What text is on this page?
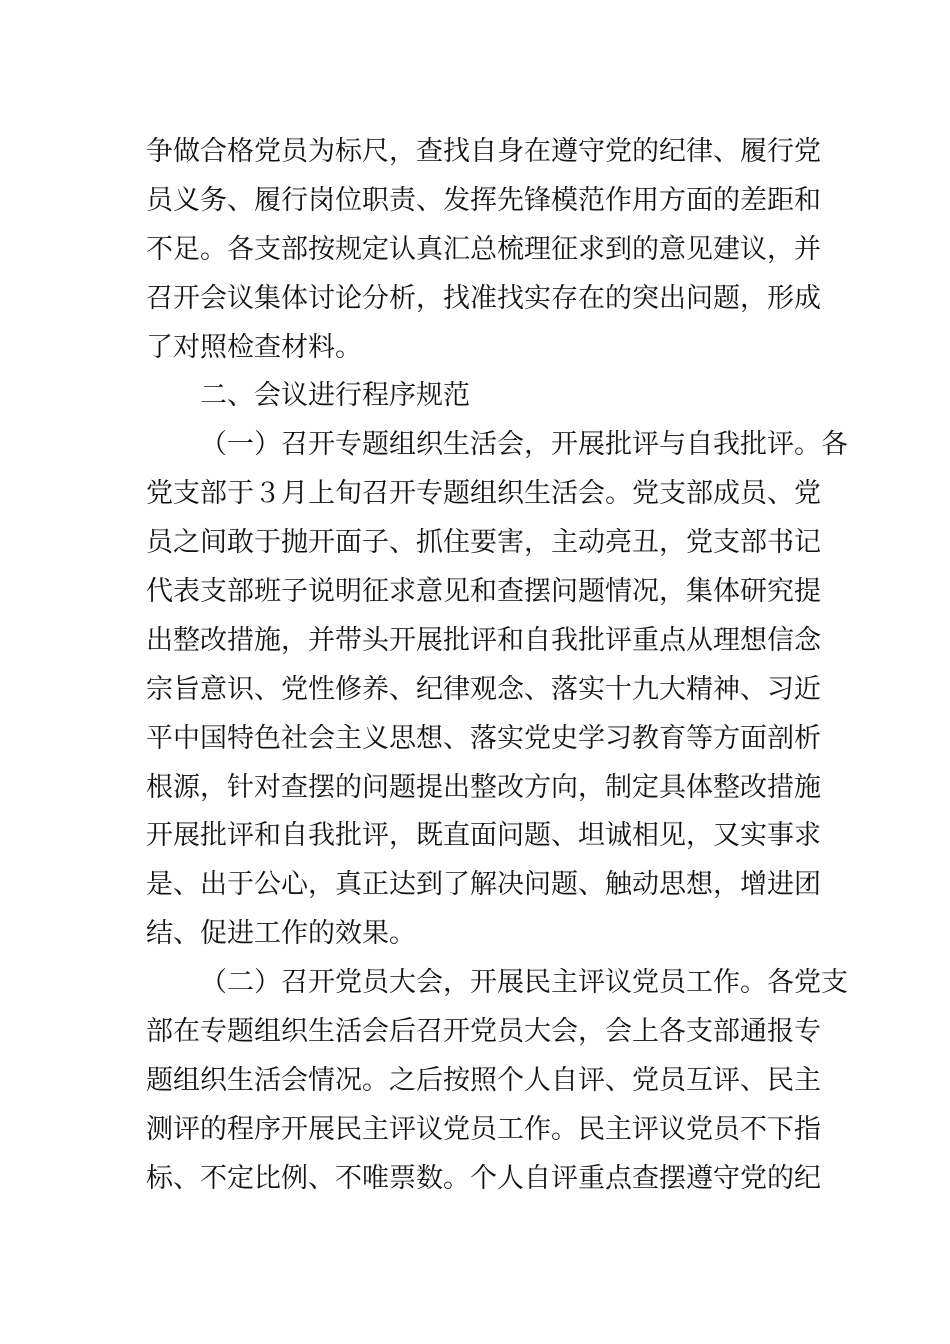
争做合格党员为标尺，查找自身在遵守党的纪律、履行党
员义务、履行岗位职责、发挥先锋模范作用方面的差距和
不足。各支部按规定认真汇总梳理征求到的意见建议，并
召开会议集体讨论分析，找准找实存在的突出问题，形成
了对照检查材料。
二、会议进行程序规范
（一）召开专题组织生活会，开展批评与自我批评。各
党支部于３月上旬召开专题组织生活会。党支部成员、党
员之间敢于抛开面子、抓住要害，主动亮丑，党支部书记
代表支部班子说明征求意见和查摆问题情况，集体研究提
出整改措施，并带头开展批评和自我批评重点从理想信念
宗旨意识、党性修养、纪律观念、落实十九大精神、习近
平中国特色社会主义思想、落实党史学习教育等方面剖析
根源，针对查摆的问题提出整改方向，制定具体整改措施
开展批评和自我批评，既直面问题、坦诚相见，又实事求
是、出于公心，真正达到了解决问题、触动思想，增进团
结、促进工作的效果。
（二）召开党员大会，开展民主评议党员工作。各党支
部在专题组织生活会后召开党员大会，会上各支部通报专
题组织生活会情况。之后按照个人自评、党员互评、民主
测评的程序开展民主评议党员工作。民主评议党员不下指
标、不定比例、不唯票数。个人自评重点查摆遵守党的纪
